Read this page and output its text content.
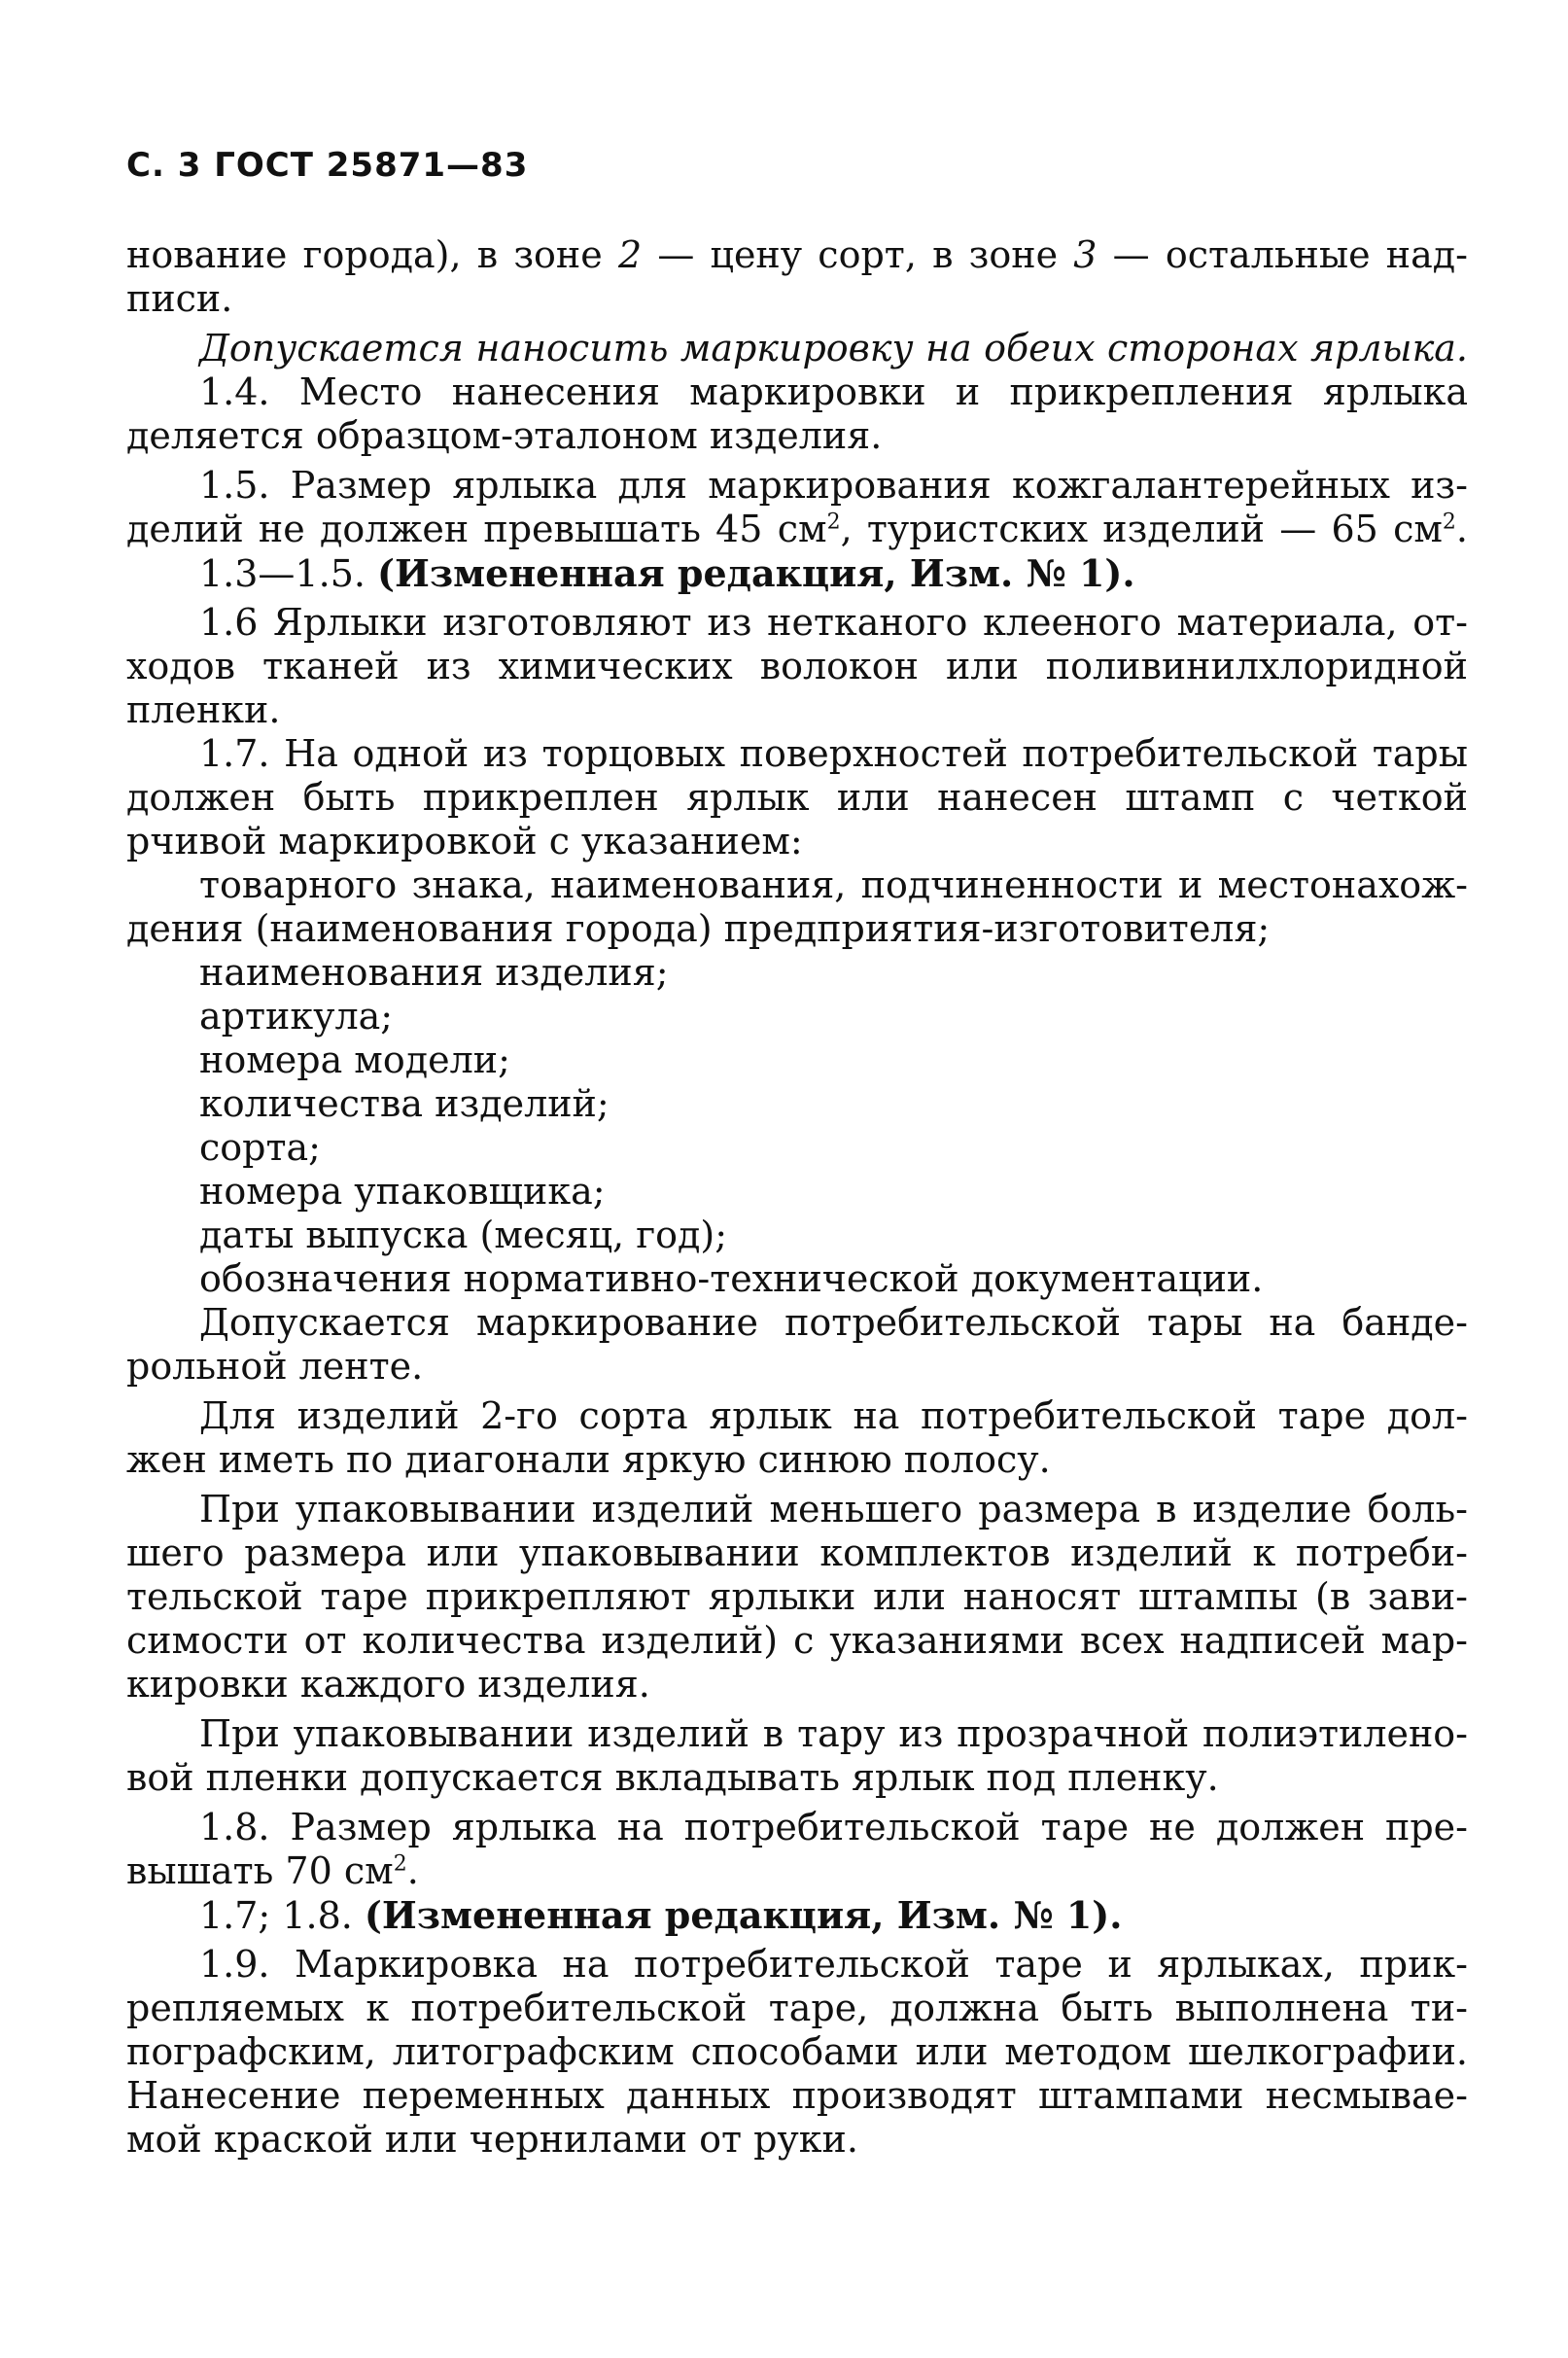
С. 3 ГОСТ 25871—83
нование города), в зоне 2 — цену сорт, в зоне 3 — остальные над-
писи.
Допускается наносить маркировку на обеих сторонах ярлыка.
1.4. Место нанесения маркировки и прикрепления ярлыка
деляется образцом-эталоном изделия.
1.5. Размер ярлыка для маркирования кожгалантерейных из-
делий не должен превышать 45 $см^2$, туристских изделий — 65 $см^2$.
1.3—1.5. (Измененная редакция, Изм. № 1).
1.6 Ярлыки изготовляют из нетканого клееного материала, от-
ходов тканей из химических волокон или поливинилхлоридной
пленки.
1.7. На одной из торцовых поверхностей потребительской тары
должен быть прикреплен ярлык или нанесен штамп с четкой
рчивой маркировкой с указанием:
товарного знака, наименования, подчиненности и местонахож-
дения (наименования города) предприятия-изготовителя;
наименования изделия;
артикула;
номера модели;
количества изделий;
сорта;
номера упаковщика;
даты выпуска (месяц, год);
обозначения нормативно-технической документации.
Допускается маркирование потребительской тары на банде-
рольной ленте.
Для изделий 2-го сорта ярлык на потребительской таре дол-
жен иметь по диагонали яркую синюю полосу.
При упаковывании изделий меньшего размера в изделие боль-
шего размера или упаковывании комплектов изделий к потреби-
тельской таре прикрепляют ярлыки или наносят штампы (в зави-
симости от количества изделий) с указаниями всех надписей мар-
кировки каждого изделия.
При упаковывании изделий в тару из прозрачной полиэтилено-
вой пленки допускается вкладывать ярлык под пленку.
1.8. Размер ярлыка на потребительской таре не должен пре-
вышать 70 $см^2$.
1.7; 1.8. (Измененная редакция, Изм. № 1).
1.9. Маркировка на потребительской таре и ярлыках, прик-
репляемых к потребительской таре, должна быть выполнена ти-
пографским, литографским способами или методом шелкографии.
Нанесение переменных данных производят штампами несмывае-
мой краской или чернилами от руки.
